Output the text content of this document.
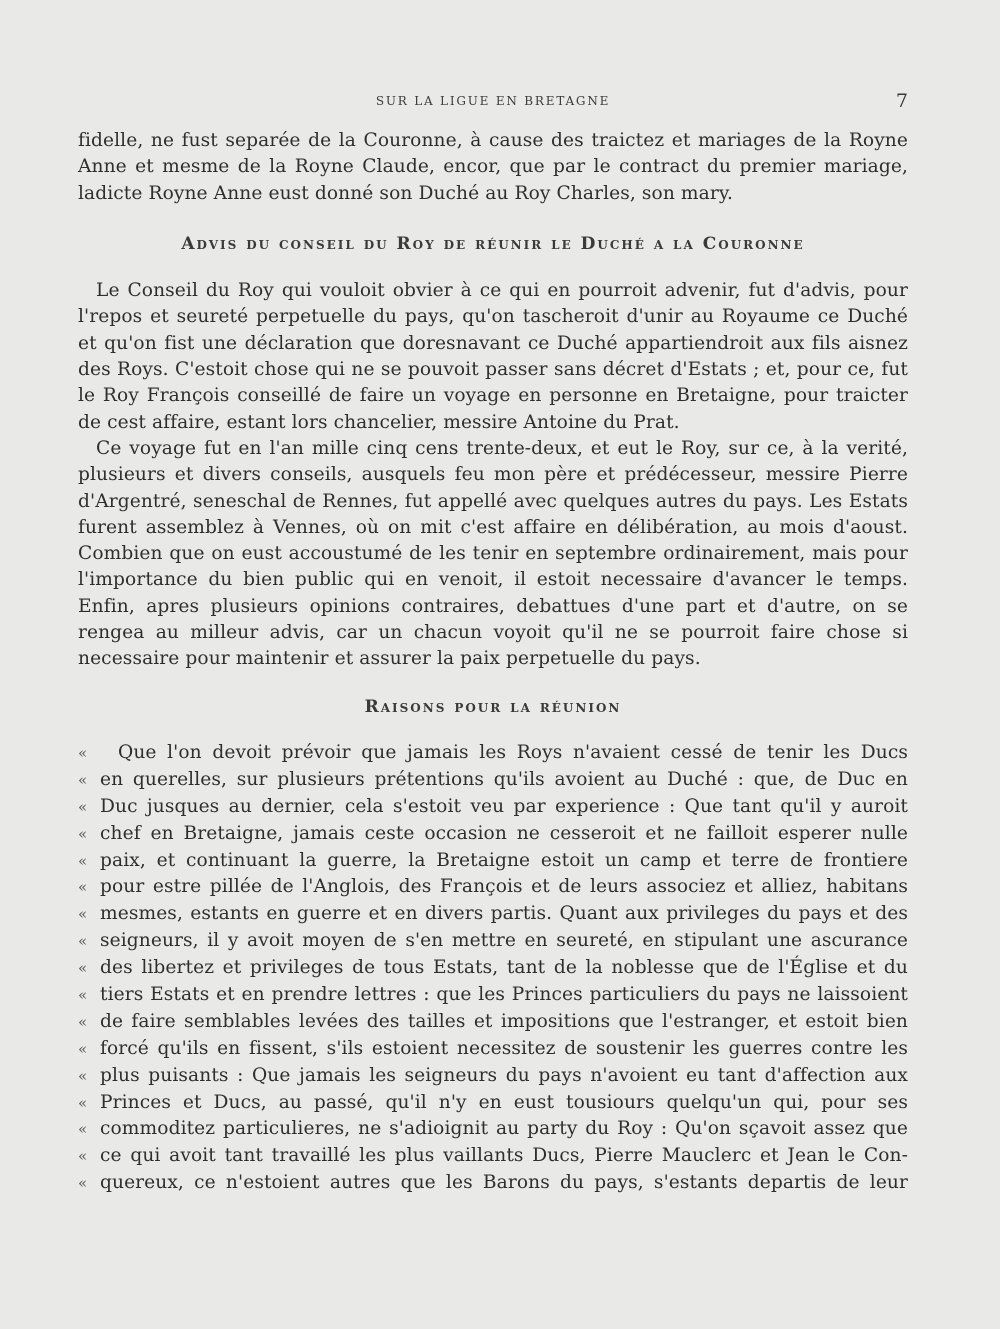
SUR LA LIGUE EN BRETAGNE	7

fidelle, ne fust separée de la Couronne, à cause des traictez et mariages de la Royne Anne et mesme de la Royne Claude, encor, que par le contract du premier mariage, ladicte Royne Anne eust donné son Duché au Roy Charles, son mary.

Advis du conseil du Roy de réunir le Duché a la Couronne

Le Conseil du Roy qui vouloit obvier à ce qui en pourroit advenir, fut d'advis, pour l'repos et seureté perpetuelle du pays, qu'on tascheroit d'unir au Royaume ce Duché et qu'on fist une déclaration que doresnavant ce Duché appartiendroit aux fils aisnez des Roys. C'estoit chose qui ne se pouvoit passer sans décret d'Estats ; et, pour ce, fut le Roy François conseillé de faire un voyage en personne en Bretaigne, pour traicter de cest affaire, estant lors chancelier, messire Antoine du Prat.

Ce voyage fut en l'an mille cinq cens trente-deux, et eut le Roy, sur ce, à la verité, plusieurs et divers conseils, ausquels feu mon père et prédécesseur, messire Pierre d'Argentré, seneschal de Rennes, fut appellé avec quelques autres du pays. Les Estats furent assemblez à Vennes, où on mit c'est affaire en délibération, au mois d'aoust. Combien que on eust accoustumé de les tenir en septembre ordinairement, mais pour l'importance du bien public qui en venoit, il estoit necessaire d'avancer le temps. Enfin, apres plusieurs opinions contraires, debattues d'une part et d'autre, on se rengea au milleur advis, car un chacun voyoit qu'il ne se pourroit faire chose si necessaire pour maintenir et assurer la paix perpetuelle du pays.

Raisons pour la réunion
«	Que l'on devoit prévoir que jamais les Roys n'avaient cessé de tenir les Ducs
« en querelles, sur plusieurs prétentions qu'ils avoient au Duché : que, de Duc en
« Duc jusques au dernier, cela s'estoit veu par experience : Que tant qu'il y auroit
« chef en Bretaigne, jamais ceste occasion ne cesseroit et ne failloit esperer nulle
« paix, et continuant la guerre, la Bretaigne estoit un camp et terre de frontiere
« pour estre pillée de l'Anglois, des François et de leurs associez et alliez, habitans
« mesmes, estants en guerre et en divers partis. Quant aux privileges du pays et des
« seigneurs, il y avoit moyen de s'en mettre en seureté, en stipulant une ascurance
« des libertez et privileges de tous Estats, tant de la noblesse que de l'Église et du
« tiers Estats et en prendre lettres : que les Princes particuliers du pays ne laissoient
« de faire semblables levées des tailles et impositions que l'estranger, et estoit bien
« forcé qu'ils en fissent, s'ils estoient necessitez de soustenir les guerres contre les
« plus puisants : Que jamais les seigneurs du pays n'avoient eu tant d'affection aux
« Princes et Ducs, au passé, qu'il n'y en eust tousiours quelqu'un qui, pour ses
« commoditez particulieres, ne s'adioignit au party du Roy : Qu'on sçavoit assez que
« ce qui avoit tant travaillé les plus vaillants Ducs, Pierre Mauclerc et Jean le Con-
« quereux, ce n'estoient autres que les Barons du pays, s'estants departis de leur
